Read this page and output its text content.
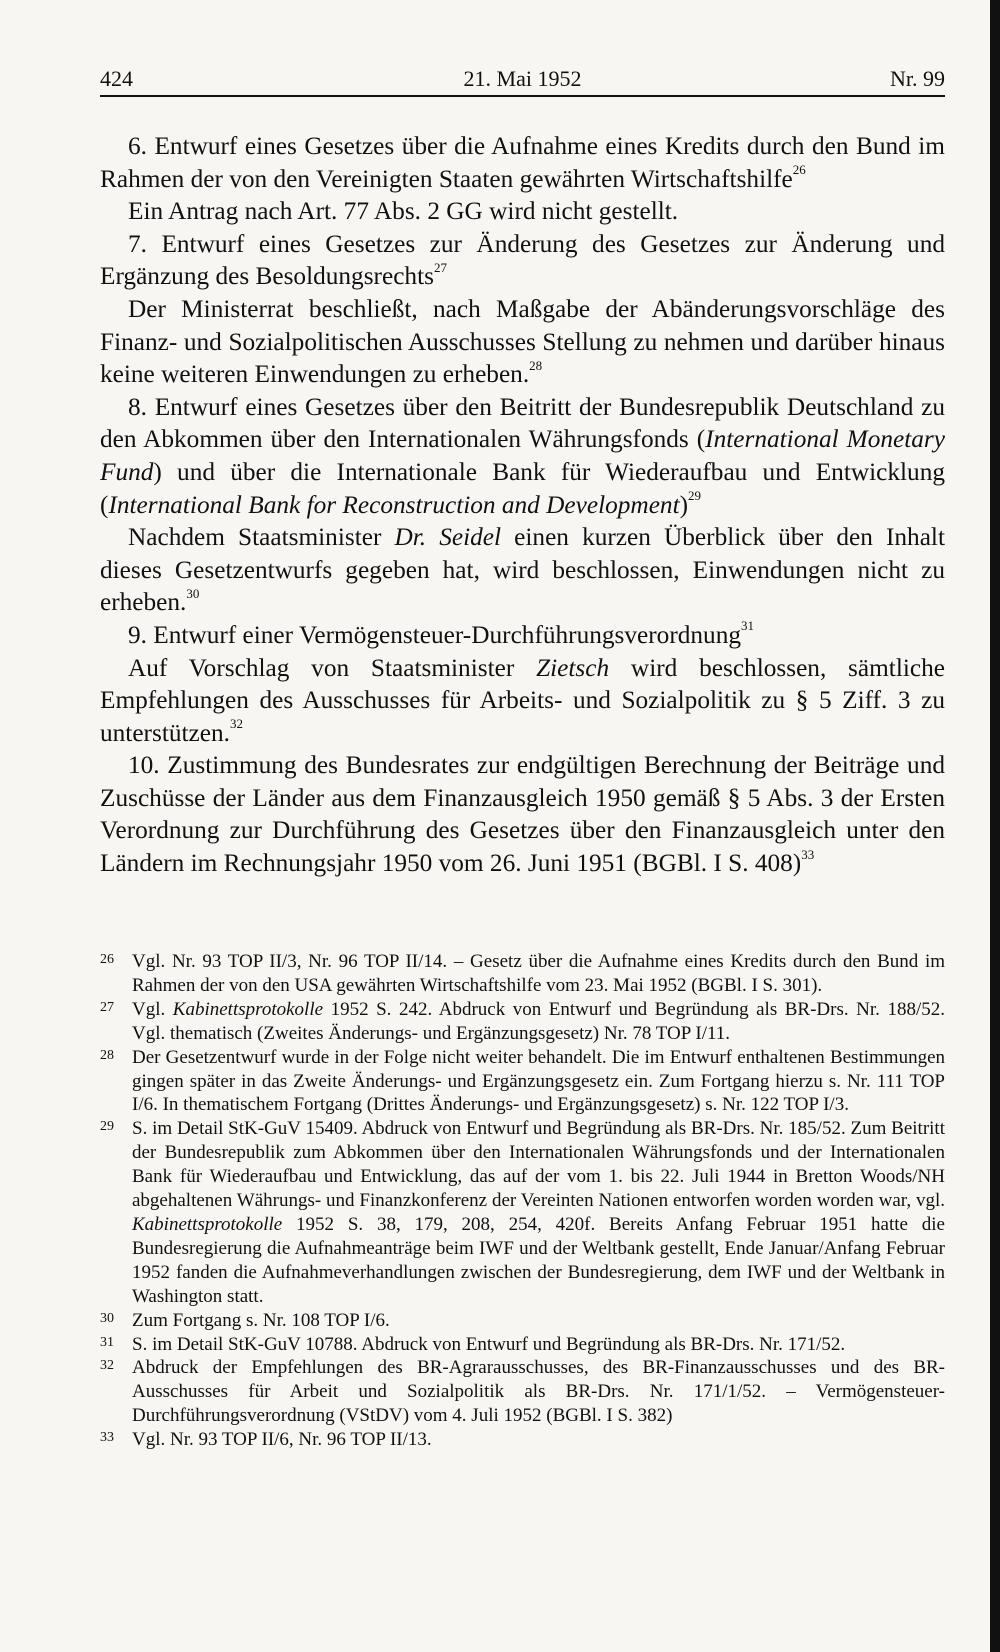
424	21. Mai 1952	Nr. 99

6. Entwurf eines Gesetzes über die Aufnahme eines Kredits durch den Bund im Rahmen der von den Vereinigten Staaten gewährten Wirtschaftshilfe$^{26}$

Ein Antrag nach Art. 77 Abs. 2 GG wird nicht gestellt.

7. Entwurf eines Gesetzes zur Änderung des Gesetzes zur Änderung und Ergänzung des Besoldungsrechts$^{27}$

Der Ministerrat beschließt, nach Maßgabe der Abänderungsvorschläge des Finanz- und Sozialpolitischen Ausschusses Stellung zu nehmen und darüber hinaus keine weiteren Einwendungen zu erheben.$^{28}$

8. Entwurf eines Gesetzes über den Beitritt der Bundesrepublik Deutschland zu den Abkommen über den Internationalen Währungsfonds (International Monetary Fund) und über die Internationale Bank für Wiederaufbau und Entwicklung (International Bank for Reconstruction and Development)$^{29}$

Nachdem Staatsminister Dr. Seidel einen kurzen Überblick über den Inhalt dieses Gesetzentwurfs gegeben hat, wird beschlossen, Einwendungen nicht zu erheben.$^{30}$

9. Entwurf einer Vermögensteuer-Durchführungsverordnung$^{31}$

Auf Vorschlag von Staatsminister Zietsch wird beschlossen, sämtliche Empfehlungen des Ausschusses für Arbeits- und Sozialpolitik zu § 5 Ziff. 3 zu unterstützen.$^{32}$

10. Zustimmung des Bundesrates zur endgültigen Berechnung der Beiträge und Zuschüsse der Länder aus dem Finanzausgleich 1950 gemäß § 5 Abs. 3 der Ersten Verordnung zur Durchführung des Gesetzes über den Finanzausgleich unter den Ländern im Rechnungsjahr 1950 vom 26. Juni 1951 (BGBl. I S. 408)$^{33}$

26 Vgl. Nr. 93 TOP II/3, Nr. 96 TOP II/14. – Gesetz über die Aufnahme eines Kredits durch den Bund im Rahmen der von den USA gewährten Wirtschaftshilfe vom 23. Mai 1952 (BGBl. I S. 301).
27 Vgl. Kabinettsprotokolle 1952 S. 242. Abdruck von Entwurf und Begründung als BR-Drs. Nr. 188/52. Vgl. thematisch (Zweites Änderungs- und Ergänzungsgesetz) Nr. 78 TOP I/11.
28 Der Gesetzentwurf wurde in der Folge nicht weiter behandelt. Die im Entwurf enthaltenen Bestimmungen gingen später in das Zweite Änderungs- und Ergänzungsgesetz ein. Zum Fortgang hierzu s. Nr. 111 TOP I/6. In thematischem Fortgang (Drittes Änderungs- und Ergänzungsgesetz) s. Nr. 122 TOP I/3.
29 S. im Detail StK-GuV 15409. Abdruck von Entwurf und Begründung als BR-Drs. Nr. 185/52. Zum Beitritt der Bundesrepublik zum Abkommen über den Internationalen Währungsfonds und der Internationalen Bank für Wiederaufbau und Entwicklung, das auf der vom 1. bis 22. Juli 1944 in Bretton Woods/NH abgehaltenen Währungs- und Finanzkonferenz der Vereinten Nationen entworfen worden worden war, vgl. Kabinettsprotokolle 1952 S. 38, 179, 208, 254, 420f. Bereits Anfang Februar 1951 hatte die Bundesregierung die Aufnahmeanträge beim IWF und der Weltbank gestellt, Ende Januar/Anfang Februar 1952 fanden die Aufnahmeverhandlungen zwischen der Bundesregierung, dem IWF und der Weltbank in Washington statt.
30 Zum Fortgang s. Nr. 108 TOP I/6.
31 S. im Detail StK-GuV 10788. Abdruck von Entwurf und Begründung als BR-Drs. Nr. 171/52.
32 Abdruck der Empfehlungen des BR-Agrarausschusses, des BR-Finanzausschusses und des BR-Ausschusses für Arbeit und Sozialpolitik als BR-Drs. Nr. 171/1/52. – Vermögensteuer-Durchführungsverordnung (VStDV) vom 4. Juli 1952 (BGBl. I S. 382)
33 Vgl. Nr. 93 TOP II/6, Nr. 96 TOP II/13.
